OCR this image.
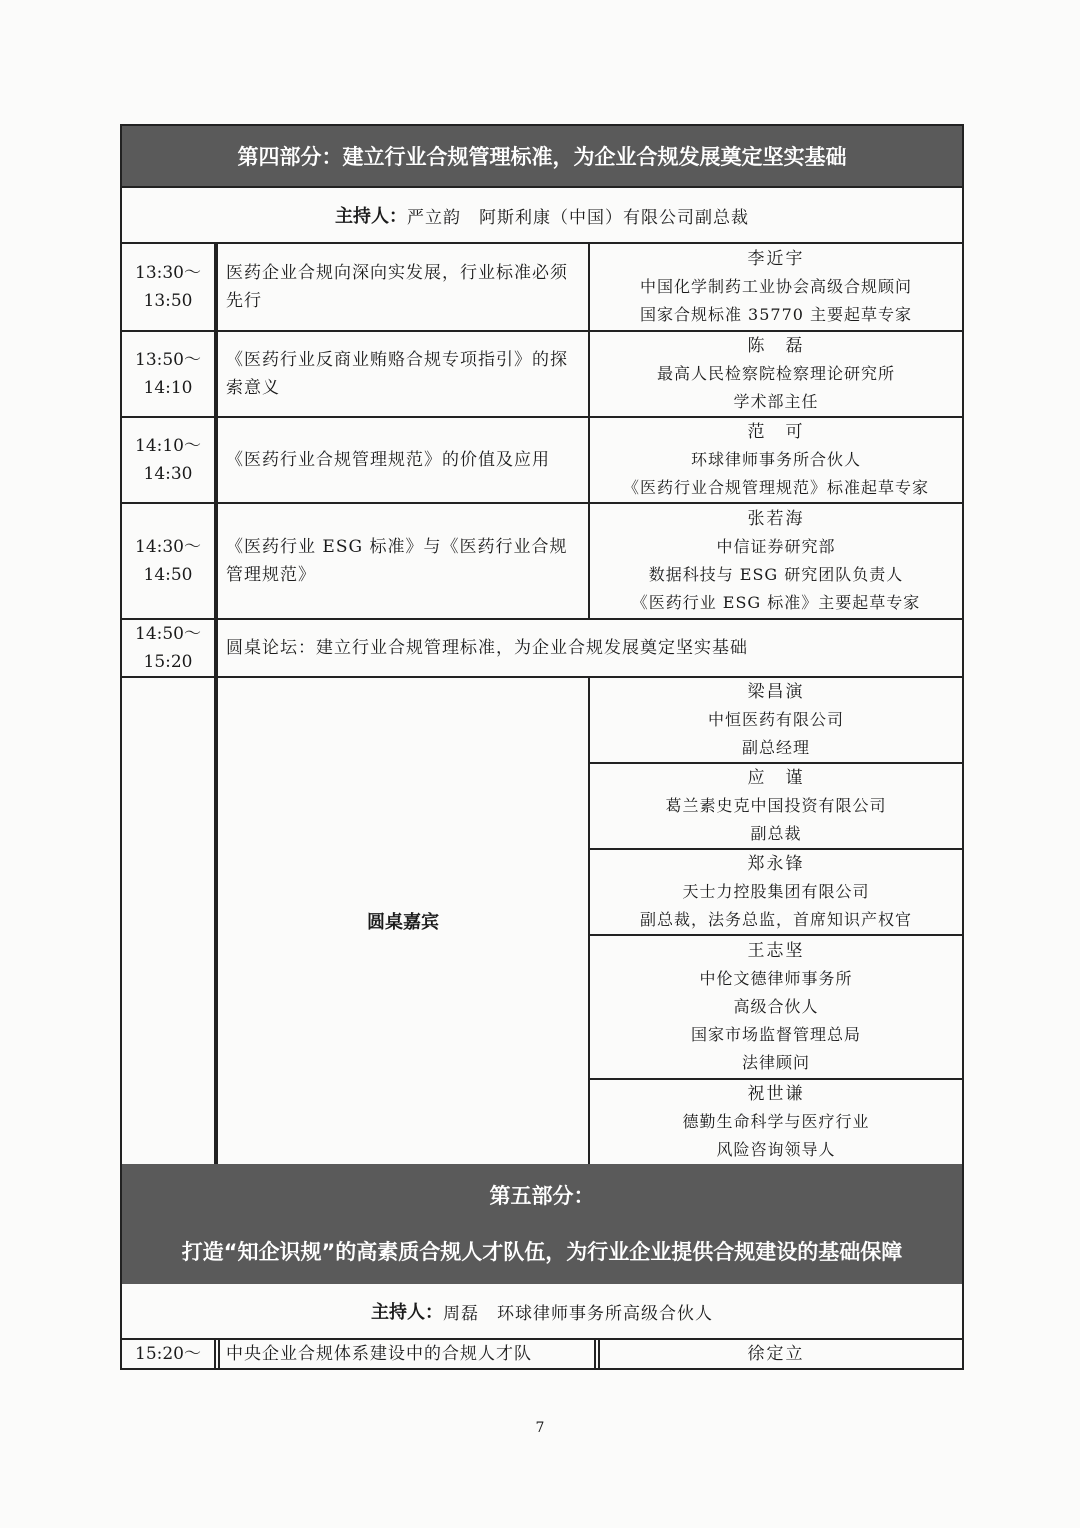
第四部分：建立行业合规管理标准，为企业合规发展奠定坚实基础
主持人： 严立韵　阿斯利康（中国）有限公司副总裁
13:30～
13:50
医药企业合规向深向实发展，行业标准必须先行
李近宇
中国化学制药工业协会高级合规顾问
国家合规标准 35770 主要起草专家
13:50～
14:10
《医药行业反商业贿赂合规专项指引》的探索意义
陈　磊
最高人民检察院检察理论研究所
学术部主任
14:10～
14:30
《医药行业合规管理规范》的价值及应用
范　可
环球律师事务所合伙人
《医药行业合规管理规范》标准起草专家
14:30～
14:50
《医药行业 ESG 标准》与《医药行业合规管理规范》
张若海
中信证券研究部
数据科技与 ESG 研究团队负责人
《医药行业 ESG 标准》主要起草专家
14:50～
15:20
圆桌论坛：建立行业合规管理标准，为企业合规发展奠定坚实基础
圆桌嘉宾
梁昌演
中恒医药有限公司
副总经理
应　谨
葛兰素史克中国投资有限公司
副总裁
郑永锋
天士力控股集团有限公司
副总裁，法务总监，首席知识产权官
王志坚
中伦文德律师事务所
高级合伙人
国家市场监督管理总局
法律顾问
祝世谦
德勤生命科学与医疗行业
风险咨询领导人
第五部分：
打造“知企识规”的高素质合规人才队伍，为行业企业提供合规建设的基础保障
主持人： 周磊　环球律师事务所高级合伙人
15:20～	中央企业合规体系建设中的合规人才队	徐定立
7
